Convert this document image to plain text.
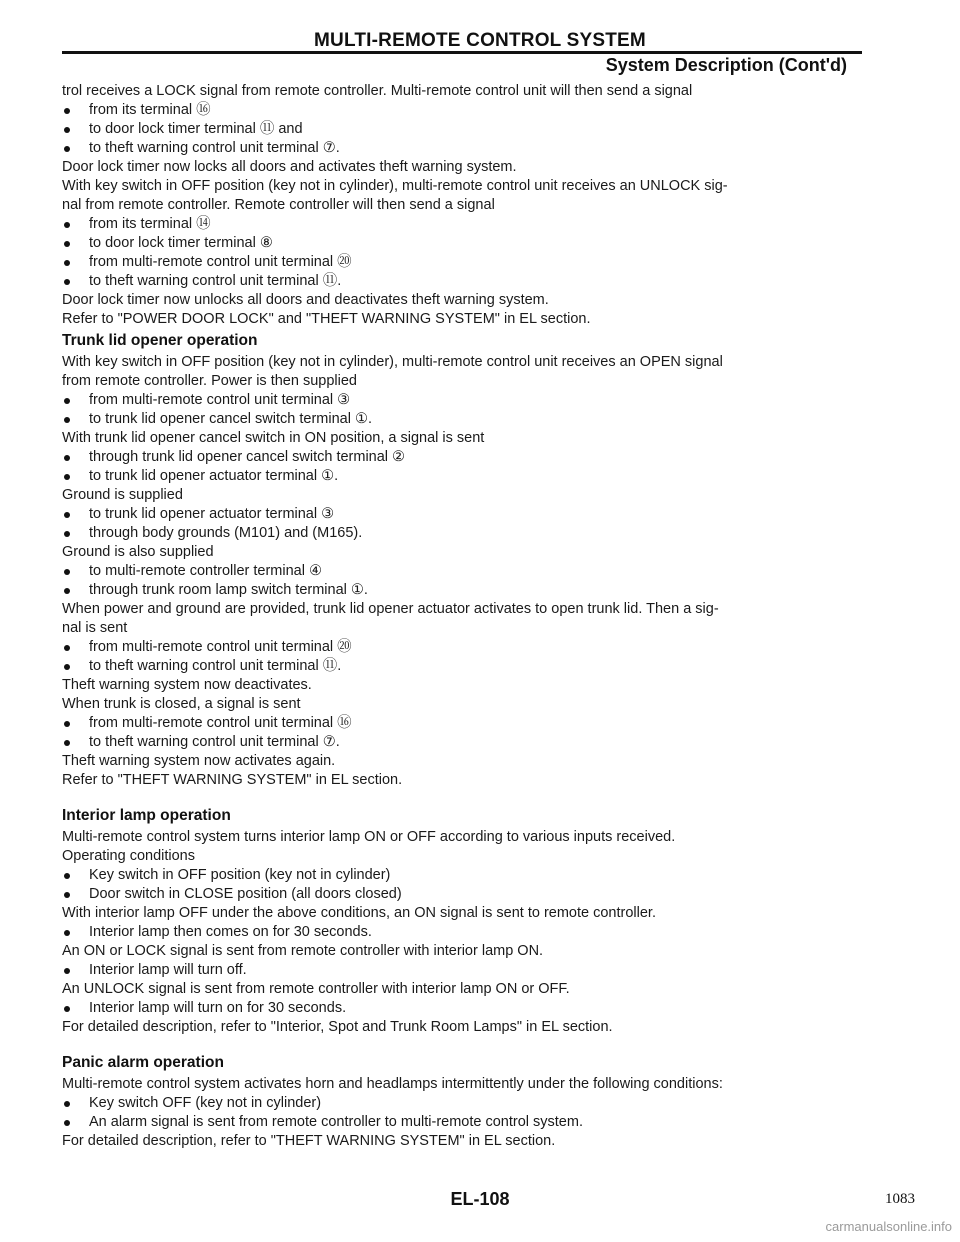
MULTI-REMOTE CONTROL SYSTEM
System Description (Cont'd)
trol receives a LOCK signal from remote controller. Multi-remote control unit will then send a signal
from its terminal ⑯
to door lock timer terminal ⑪ and
to theft warning control unit terminal ⑦.
Door lock timer now locks all doors and activates theft warning system.
With key switch in OFF position (key not in cylinder), multi-remote control unit receives an UNLOCK sig-
nal from remote controller. Remote controller will then send a signal
from its terminal ⑭
to door lock timer terminal ⑧
from multi-remote control unit terminal ⑳
to theft warning control unit terminal ⑪.
Door lock timer now unlocks all doors and deactivates theft warning system.
Refer to "POWER DOOR LOCK" and "THEFT WARNING SYSTEM" in EL section.
Trunk lid opener operation
With key switch in OFF position (key not in cylinder), multi-remote control unit receives an OPEN signal
from remote controller. Power is then supplied
from multi-remote control unit terminal ③
to trunk lid opener cancel switch terminal ①.
With trunk lid opener cancel switch in ON position, a signal is sent
through trunk lid opener cancel switch terminal ②
to trunk lid opener actuator terminal ①.
Ground is supplied
to trunk lid opener actuator terminal ③
through body grounds (M101) and (M165).
Ground is also supplied
to multi-remote controller terminal ④
through trunk room lamp switch terminal ①.
When power and ground are provided, trunk lid opener actuator activates to open trunk lid. Then a sig-
nal is sent
from multi-remote control unit terminal ⑳
to theft warning control unit terminal ⑪.
Theft warning system now deactivates.
When trunk is closed, a signal is sent
from multi-remote control unit terminal ⑯
to theft warning control unit terminal ⑦.
Theft warning system now activates again.
Refer to "THEFT WARNING SYSTEM" in EL section.
Interior lamp operation
Multi-remote control system turns interior lamp ON or OFF according to various inputs received.
Operating conditions
Key switch in OFF position (key not in cylinder)
Door switch in CLOSE position (all doors closed)
With interior lamp OFF under the above conditions, an ON signal is sent to remote controller.
Interior lamp then comes on for 30 seconds.
An ON or LOCK signal is sent from remote controller with interior lamp ON.
Interior lamp will turn off.
An UNLOCK signal is sent from remote controller with interior lamp ON or OFF.
Interior lamp will turn on for 30 seconds.
For detailed description, refer to "Interior, Spot and Trunk Room Lamps" in EL section.
Panic alarm operation
Multi-remote control system activates horn and headlamps intermittently under the following conditions:
Key switch OFF (key not in cylinder)
An alarm signal is sent from remote controller to multi-remote control system.
For detailed description, refer to "THEFT WARNING SYSTEM" in EL section.
EL-108	1083
carmanualsonline.info
